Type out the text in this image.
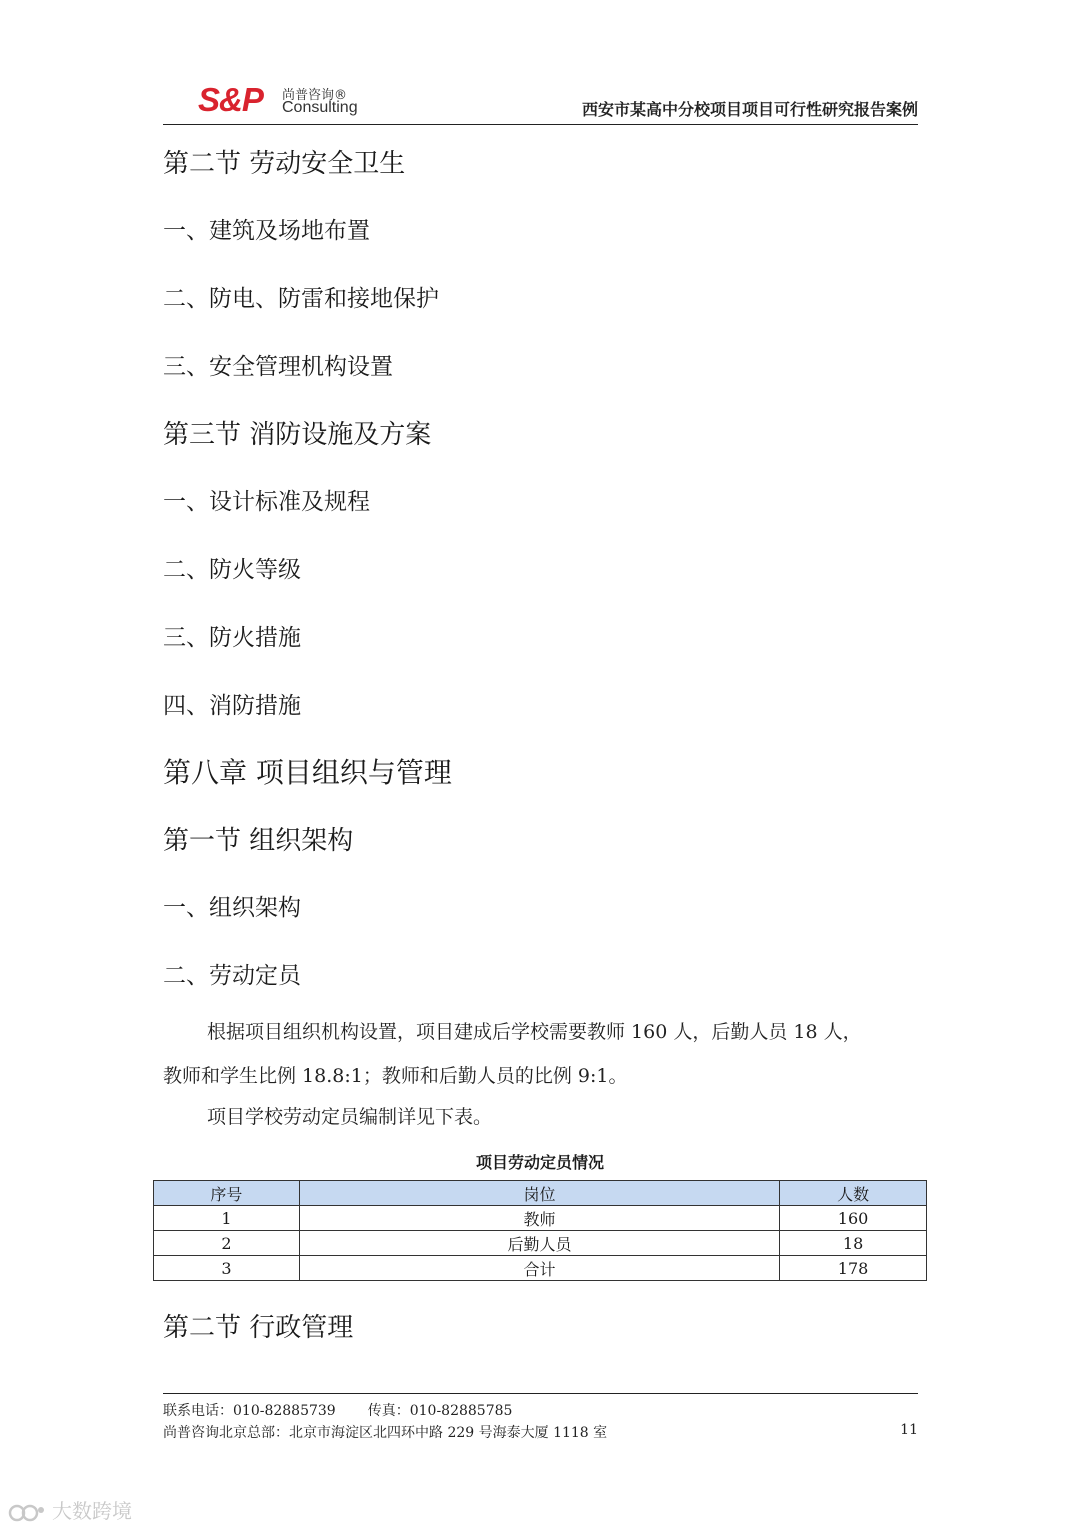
S&P 尚普咨询®
Consulting	西安市某高中分校项目项目可行性研究报告案例
第二节 劳动安全卫生
一、建筑及场地布置
二、防电、防雷和接地保护
三、安全管理机构设置
第三节 消防设施及方案
一、设计标准及规程
二、防火等级
三、防火措施
四、消防措施
第八章 项目组织与管理
第一节 组织架构
一、组织架构
二、劳动定员
根据项目组织机构设置，项目建成后学校需要教师 160 人，后勤人员 18 人，
教师和学生比例 18.8:1；教师和后勤人员的比例 9:1。
项目学校劳动定员编制详见下表。
项目劳动定员情况
序号	岗位	人数
1	教师	160
2	后勤人员	18
3	合计	178
第二节 行政管理
联系电话：010-82885739 传真：010-82885785
尚普咨询北京总部：北京市海淀区北四环中路 229 号海泰大厦 1118 室	11
大数跨境
